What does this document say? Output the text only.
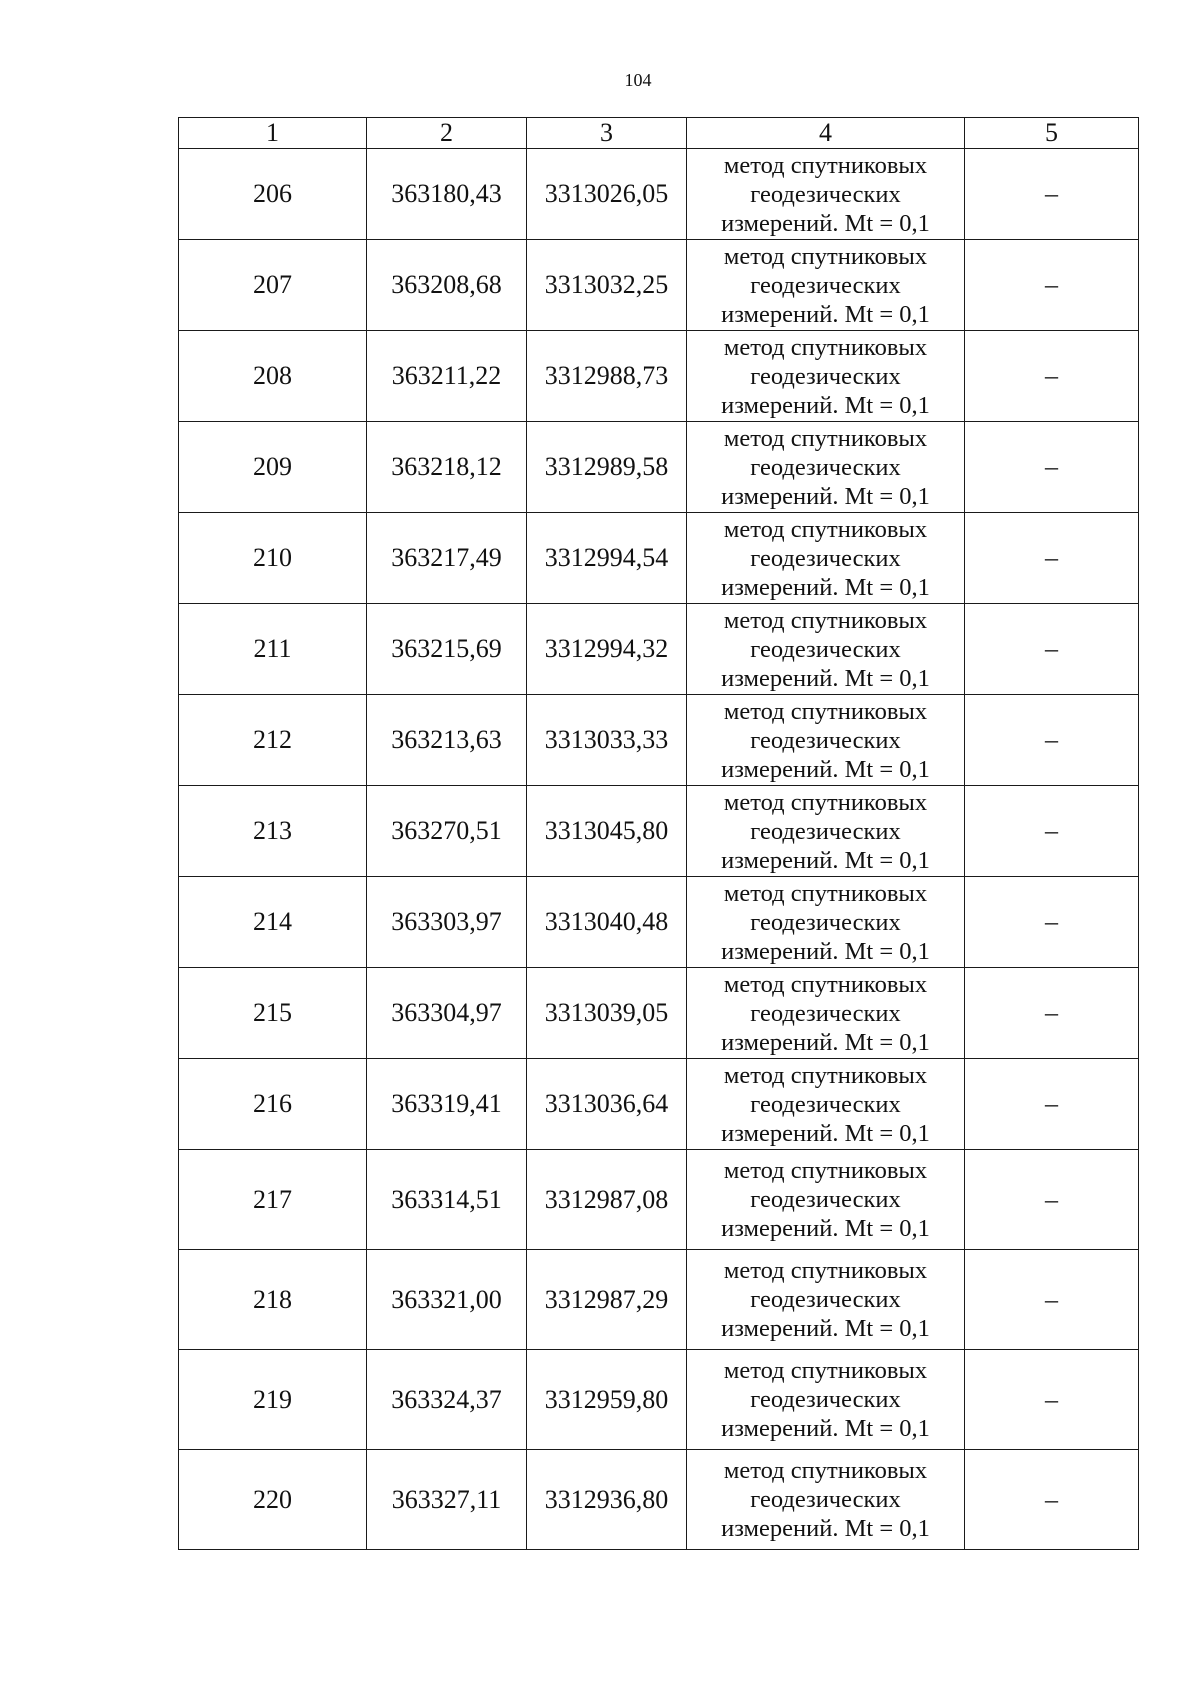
104
1	2	3	4	5
206	363180,43	3313026,05	метод спутниковых
геодезических
измерений. Mt = 0,1	–
207	363208,68	3313032,25	метод спутниковых
геодезических
измерений. Mt = 0,1	–
208	363211,22	3312988,73	метод спутниковых
геодезических
измерений. Mt = 0,1	–
209	363218,12	3312989,58	метод спутниковых
геодезических
измерений. Mt = 0,1	–
210	363217,49	3312994,54	метод спутниковых
геодезических
измерений. Mt = 0,1	–
211	363215,69	3312994,32	метод спутниковых
геодезических
измерений. Mt = 0,1	–
212	363213,63	3313033,33	метод спутниковых
геодезических
измерений. Mt = 0,1	–
213	363270,51	3313045,80	метод спутниковых
геодезических
измерений. Mt = 0,1	–
214	363303,97	3313040,48	метод спутниковых
геодезических
измерений. Mt = 0,1	–
215	363304,97	3313039,05	метод спутниковых
геодезических
измерений. Mt = 0,1	–
216	363319,41	3313036,64	метод спутниковых
геодезических
измерений. Mt = 0,1	–
217	363314,51	3312987,08	метод спутниковых
геодезических
измерений. Mt = 0,1	–
218	363321,00	3312987,29	метод спутниковых
геодезических
измерений. Mt = 0,1	–
219	363324,37	3312959,80	метод спутниковых
геодезических
измерений. Mt = 0,1	–
220	363327,11	3312936,80	метод спутниковых
геодезических
измерений. Mt = 0,1	–
